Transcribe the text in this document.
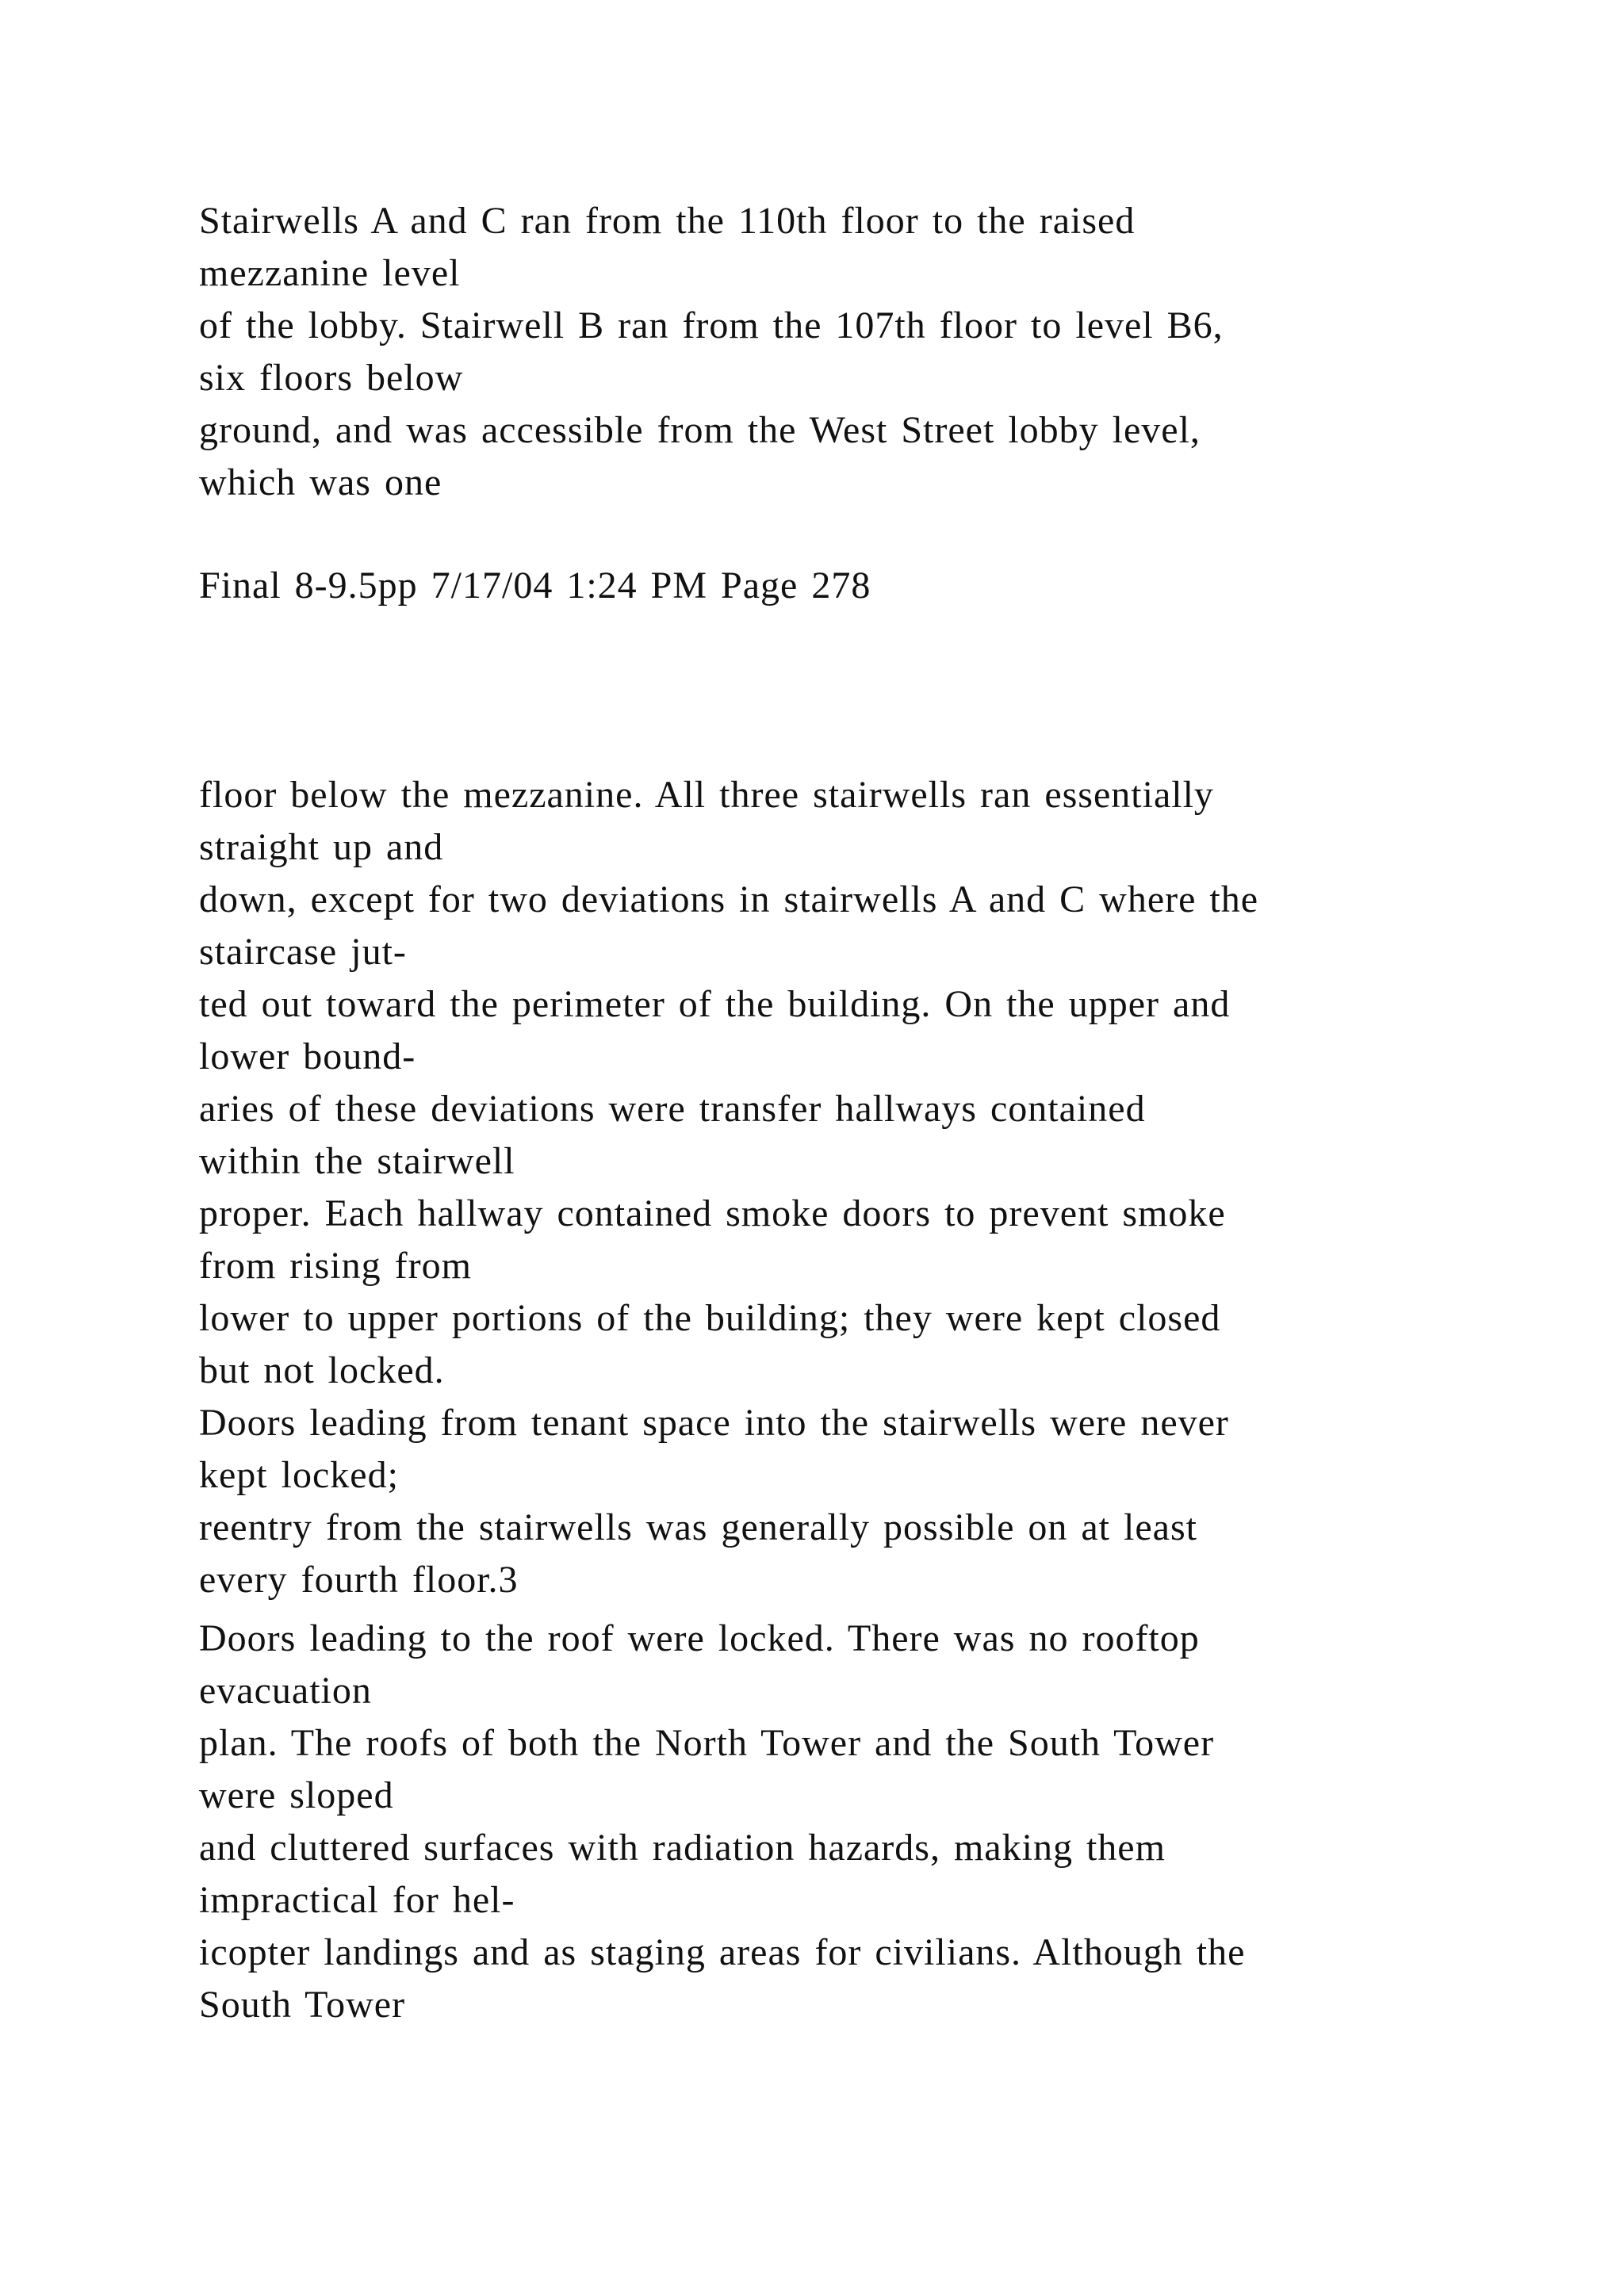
Stairwells A and C ran from the 110th floor to the raised
mezzanine level
of the lobby. Stairwell B ran from the 107th floor to level B6,
six floors below
ground, and was accessible from the West Street lobby level,
which was one
Final 8-9.5pp 7/17/04 1:24 PM Page 278
floor below the mezzanine. All three stairwells ran essentially
straight up and
down, except for two deviations in stairwells A and C where the
staircase jut-
ted out toward the perimeter of the building. On the upper and
lower bound-
aries of these deviations were transfer hallways contained
within the stairwell
proper. Each hallway contained smoke doors to prevent smoke
from rising from
lower to upper portions of the building; they were kept closed
but not locked.
Doors leading from tenant space into the stairwells were never
kept locked;
reentry from the stairwells was generally possible on at least
every fourth floor.3
Doors leading to the roof were locked. There was no rooftop
evacuation
plan. The roofs of both the North Tower and the South Tower
were sloped
and cluttered surfaces with radiation hazards, making them
impractical for hel-
icopter landings and as staging areas for civilians. Although the
South Tower
